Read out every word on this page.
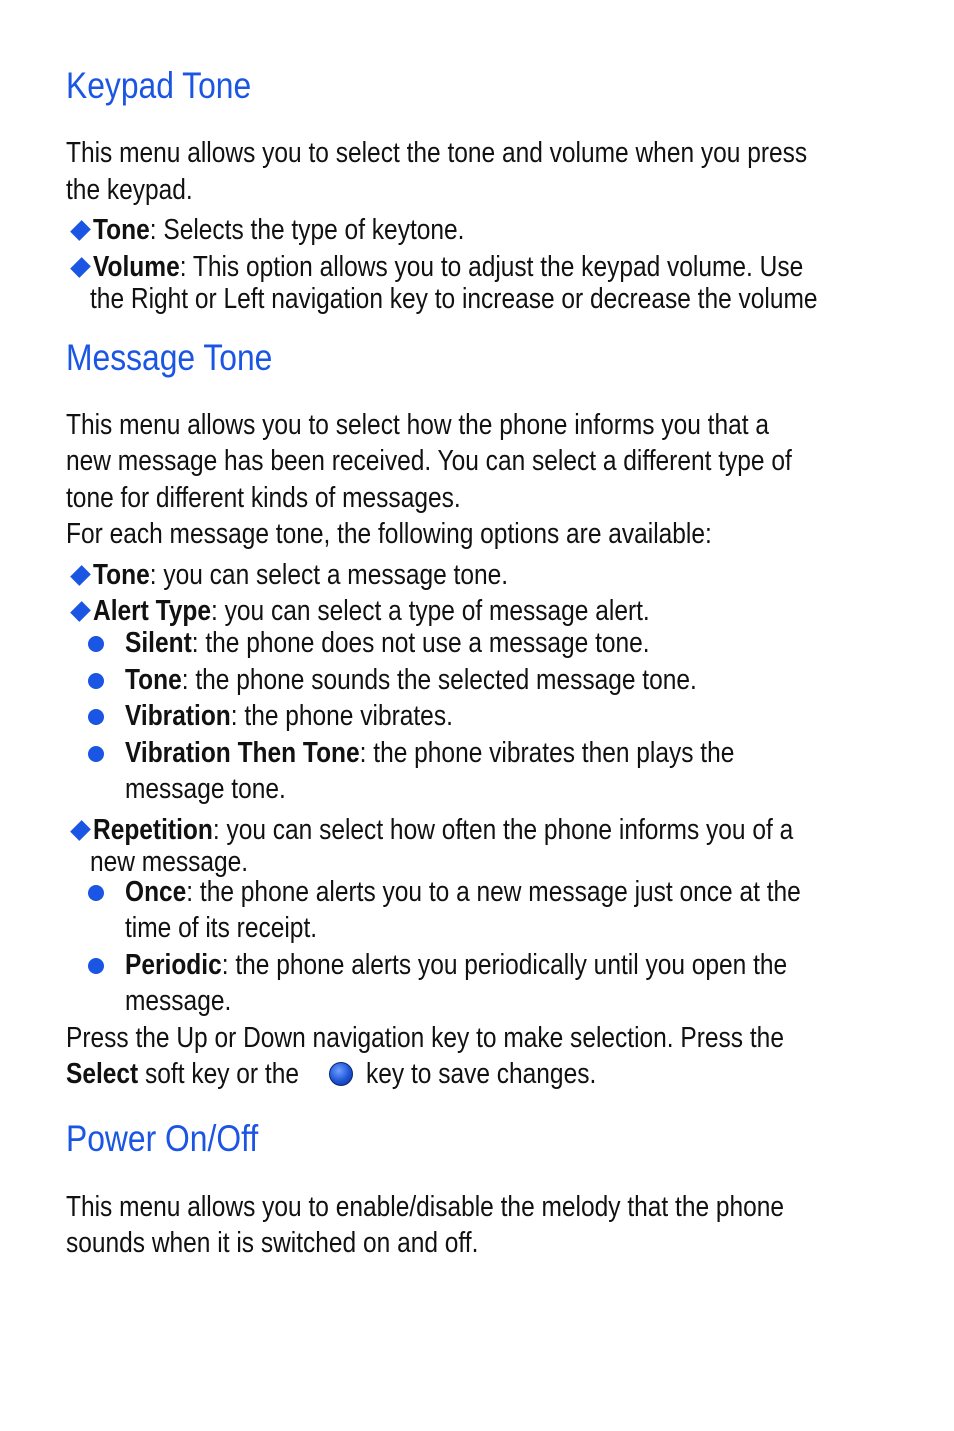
Keypad Tone

This menu allows you to select the tone and volume when you press

the keypad.

Tone: Selects the type of keytone.

Volume: This option allows you to adjust the keypad volume. Use

the Right or Left navigation key to increase or decrease the volume

Message Tone

This menu allows you to select how the phone informs you that a

new message has been received. You can select a different type of

tone for different kinds of messages.

For each message tone, the following options are available:

Tone: you can select a message tone.

Alert Type: you can select a type of message alert.

Silent: the phone does not use a message tone.

Tone: the phone sounds the selected message tone.

Vibration: the phone vibrates.

Vibration Then Tone: the phone vibrates then plays the

message tone.

Repetition: you can select how often the phone informs you of a

new message.

Once: the phone alerts you to a new message just once at the

time of its receipt.

Periodic: the phone alerts you periodically until you open the

message.

Press the Up or Down navigation key to make selection. Press the

Select soft key or the key to save changes.

Power On/Off

This menu allows you to enable/disable the melody that the phone

sounds when it is switched on and off.
